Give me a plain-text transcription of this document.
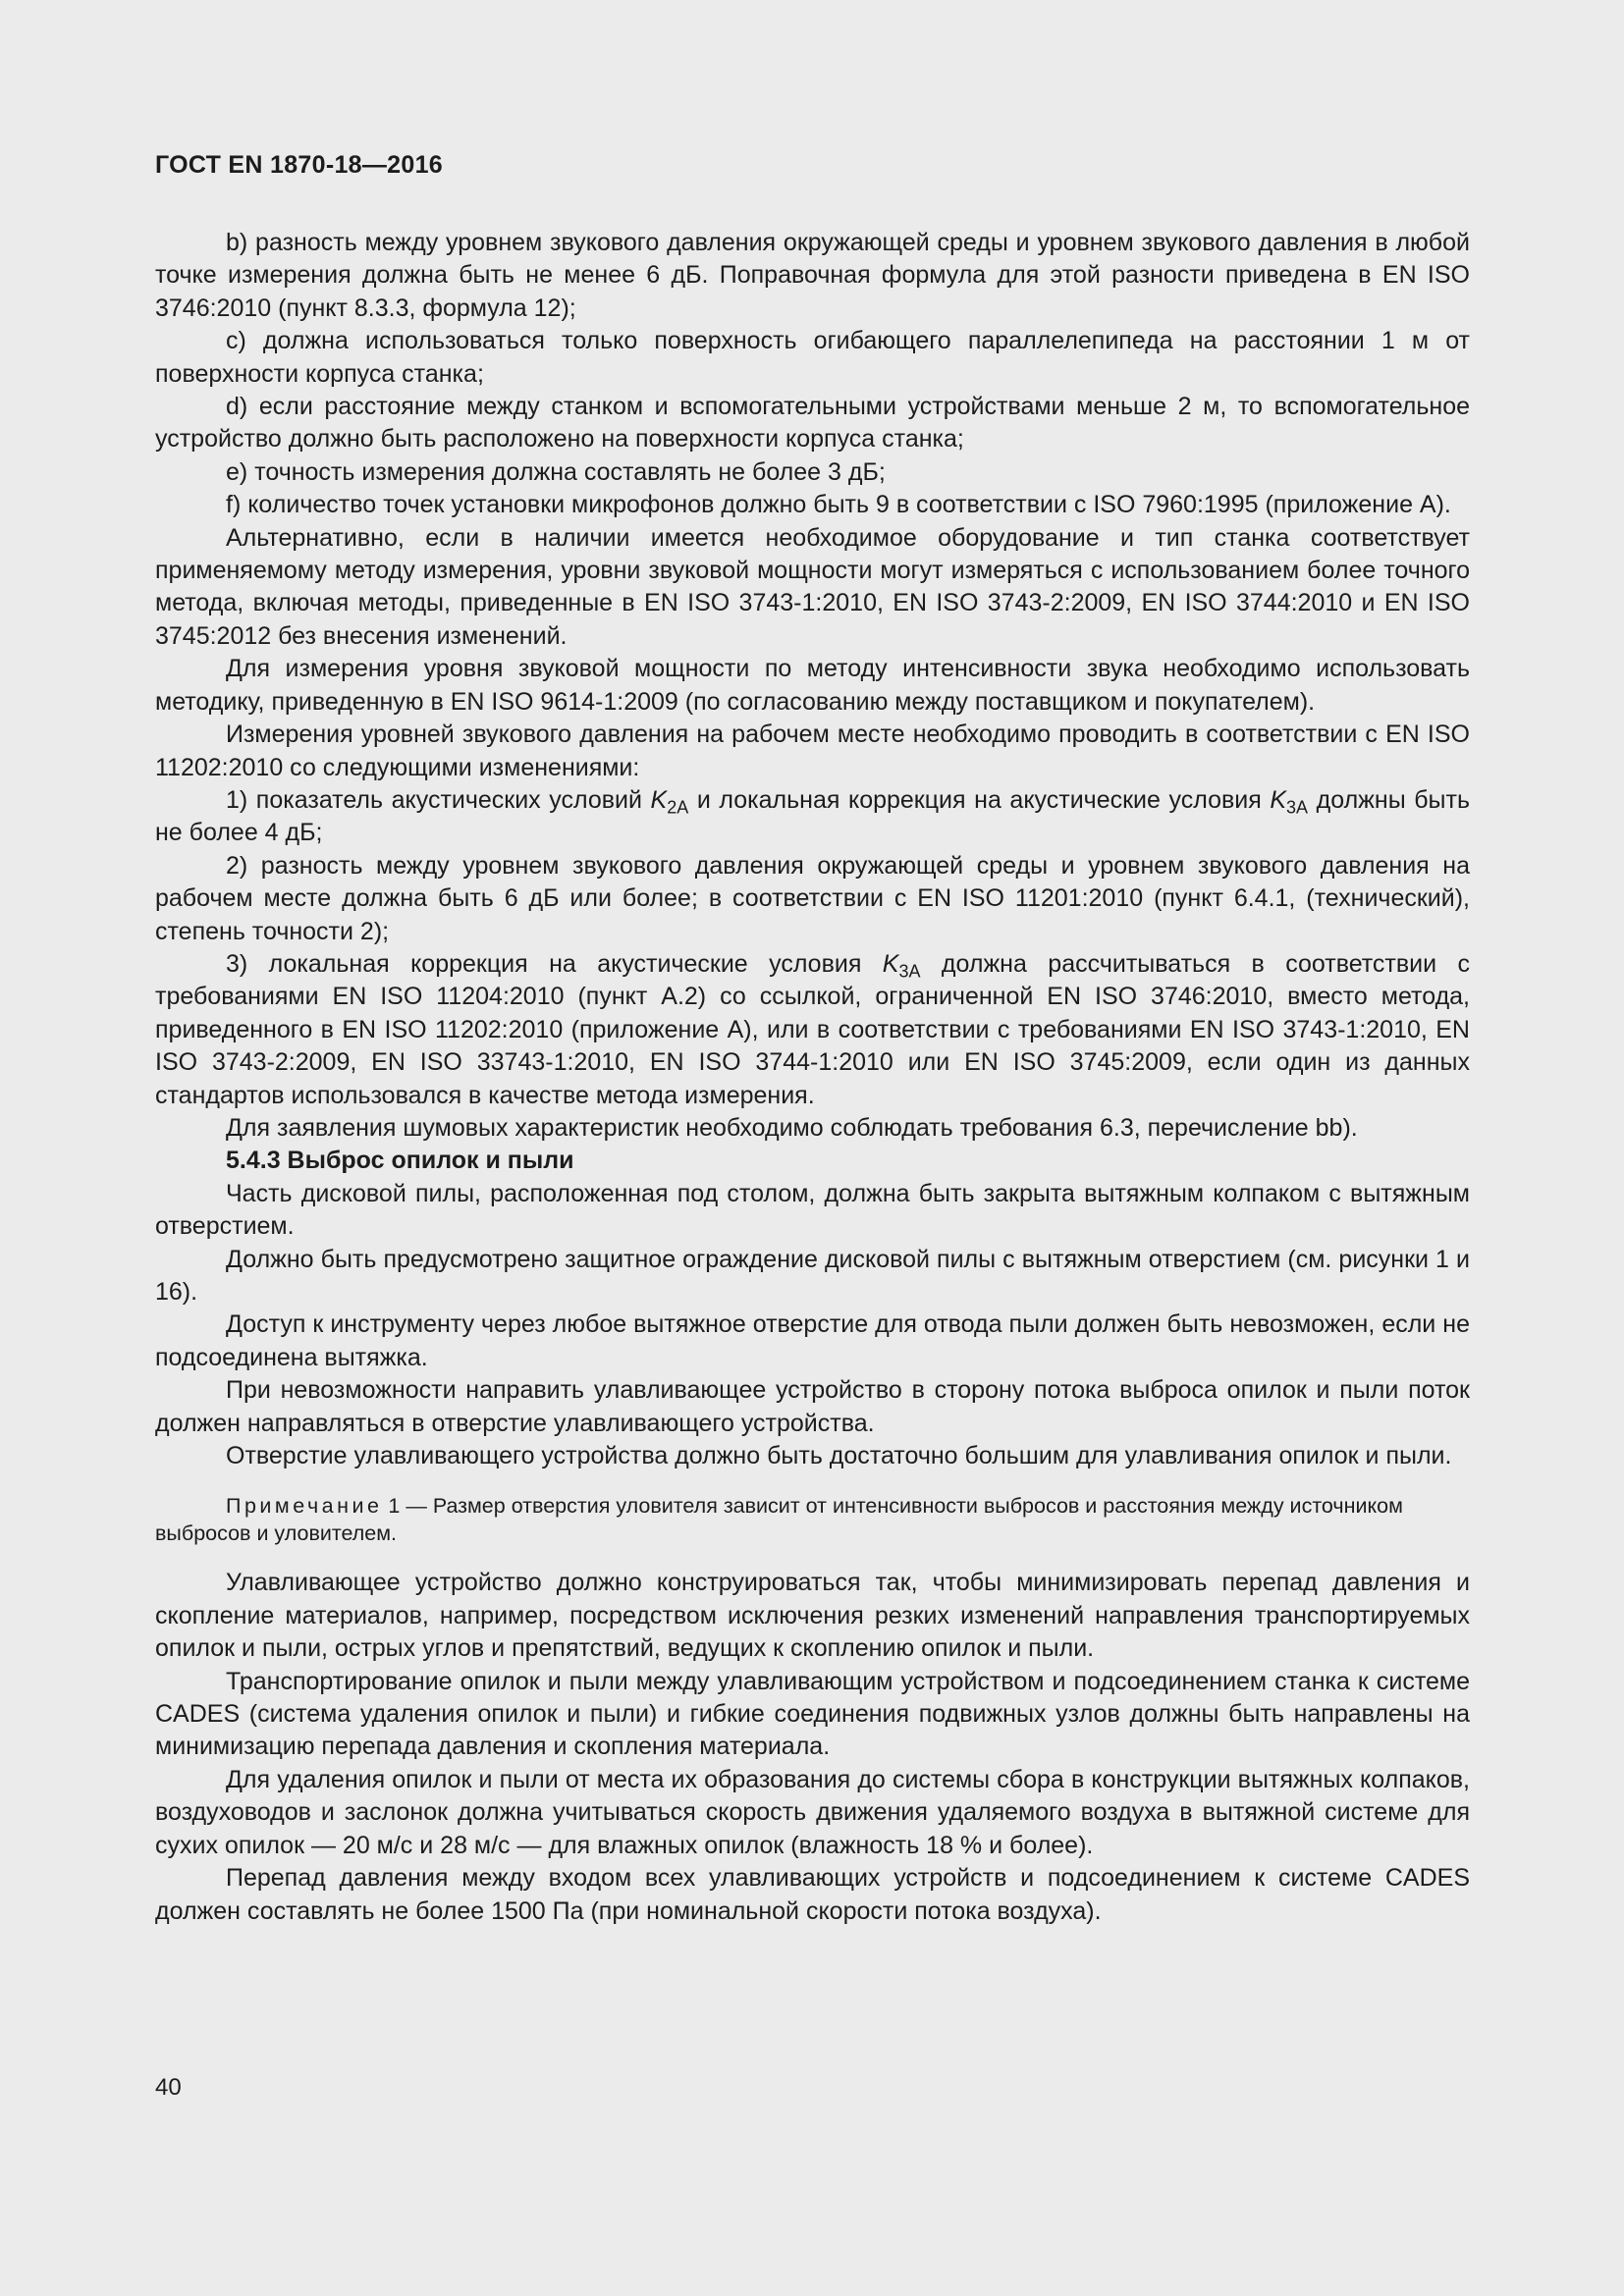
ГОСТ EN 1870-18—2016

b) разность между уровнем звукового давления окружающей среды и уровнем звукового давления в любой точке измерения должна быть не менее 6 дБ. Поправочная формула для этой разности приведена в EN ISO 3746:2010 (пункт 8.3.3, формула 12);

c) должна использоваться только поверхность огибающего параллелепипеда на расстоянии 1 м от поверхности корпуса станка;

d) если расстояние между станком и вспомогательными устройствами меньше 2 м, то вспомогательное устройство должно быть расположено на поверхности корпуса станка;

e) точность измерения должна составлять не более 3 дБ;

f) количество точек установки микрофонов должно быть 9 в соответствии с ISO 7960:1995 (приложение А).

Альтернативно, если в наличии имеется необходимое оборудование и тип станка соответствует применяемому методу измерения, уровни звуковой мощности могут измеряться с использованием более точного метода, включая методы, приведенные в EN ISO 3743-1:2010, EN ISO 3743-2:2009, EN ISO 3744:2010 и EN ISO 3745:2012 без внесения изменений.

Для измерения уровня звуковой мощности по методу интенсивности звука необходимо использовать методику, приведенную в EN ISO 9614-1:2009 (по согласованию между поставщиком и покупателем).

Измерения уровней звукового давления на рабочем месте необходимо проводить в соответствии с EN ISO 11202:2010 со следующими изменениями:

1) показатель акустических условий $K_{2A}$ и локальная коррекция на акустические условия $K_{3A}$ должны быть не более 4 дБ;

2) разность между уровнем звукового давления окружающей среды и уровнем звукового давления на рабочем месте должна быть 6 дБ или более; в соответствии с EN ISO 11201:2010 (пункт 6.4.1, (технический), степень точности 2);

3) локальная коррекция на акустические условия $K_{3A}$ должна рассчитываться в соответствии с требованиями EN ISO 11204:2010 (пункт А.2) со ссылкой, ограниченной EN ISO 3746:2010, вместо метода, приведенного в EN ISO 11202:2010 (приложение А), или в соответствии с требованиями EN ISO 3743-1:2010, EN ISO 3743-2:2009, EN ISO 33743-1:2010, EN ISO 3744-1:2010 или EN ISO 3745:2009, если один из данных стандартов использовался в качестве метода измерения.

Для заявления шумовых характеристик необходимо соблюдать требования 6.3, перечисление bb).

5.4.3 Выброс опилок и пыли

Часть дисковой пилы, расположенная под столом, должна быть закрыта вытяжным колпаком с вытяжным отверстием.

Должно быть предусмотрено защитное ограждение дисковой пилы с вытяжным отверстием (см. рисунки 1 и 16).

Доступ к инструменту через любое вытяжное отверстие для отвода пыли должен быть невозможен, если не подсоединена вытяжка.

При невозможности направить улавливающее устройство в сторону потока выброса опилок и пыли поток должен направляться в отверстие улавливающего устройства.

Отверстие улавливающего устройства должно быть достаточно большим для улавливания опилок и пыли.

Примечание 1 — Размер отверстия уловителя зависит от интенсивности выбросов и расстояния между источником выбросов и уловителем.

Улавливающее устройство должно конструироваться так, чтобы минимизировать перепад давления и скопление материалов, например, посредством исключения резких изменений направления транспортируемых опилок и пыли, острых углов и препятствий, ведущих к скоплению опилок и пыли.

Транспортирование опилок и пыли между улавливающим устройством и подсоединением станка к системе CADES (система удаления опилок и пыли) и гибкие соединения подвижных узлов должны быть направлены на минимизацию перепада давления и скопления материала.

Для удаления опилок и пыли от места их образования до системы сбора в конструкции вытяжных колпаков, воздуховодов и заслонок должна учитываться скорость движения удаляемого воздуха в вытяжной системе для сухих опилок — 20 м/с и 28 м/с — для влажных опилок (влажность 18 % и более).

Перепад давления между входом всех улавливающих устройств и подсоединением к системе CADES должен составлять не более 1500 Па (при номинальной скорости потока воздуха).

40
